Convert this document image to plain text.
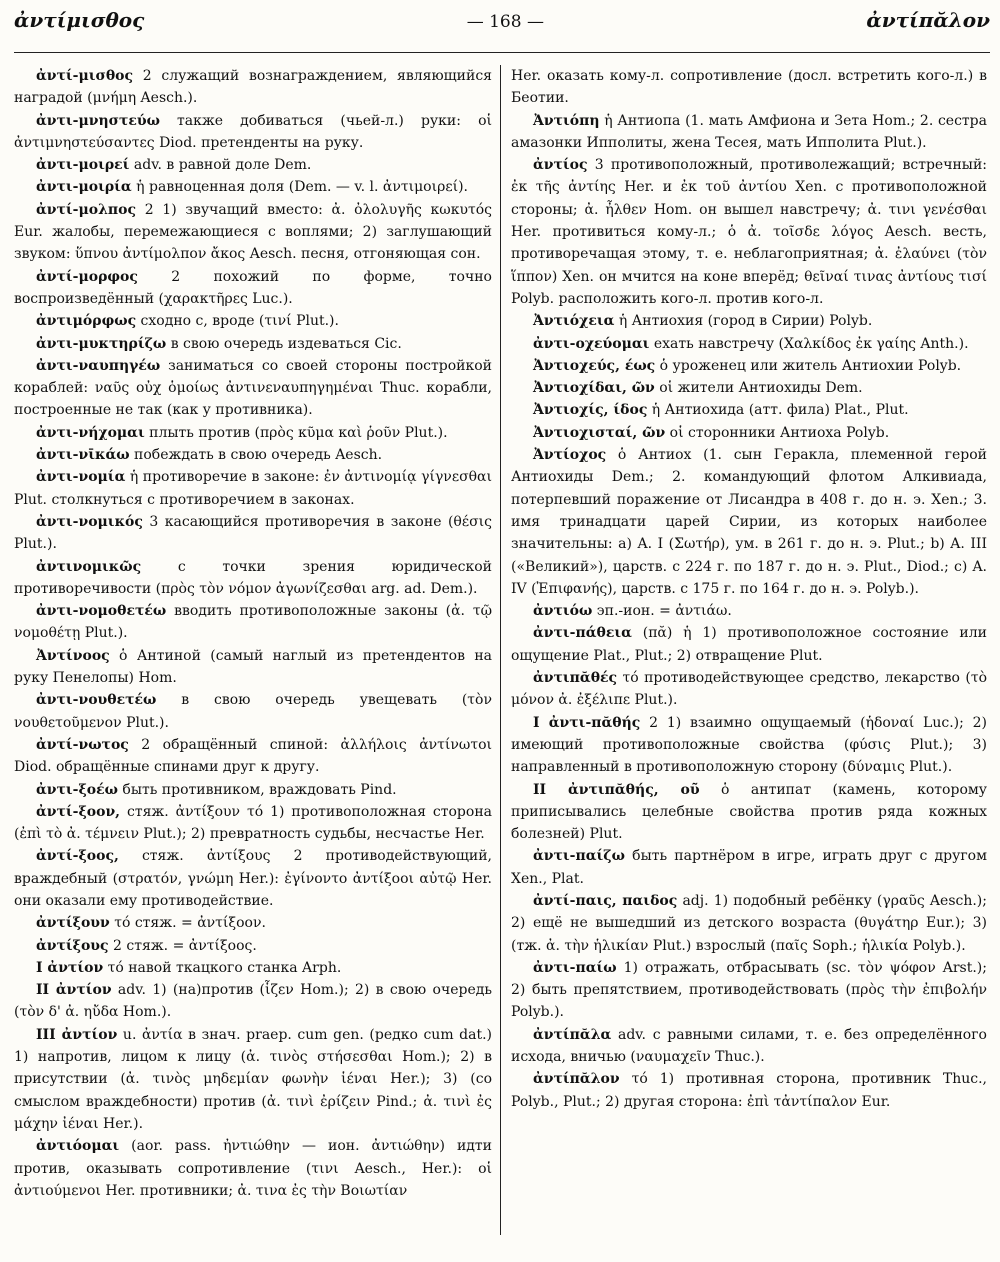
ἀντίμισθος	— 168 —	ἀντίπᾰλον

ἀντί-μισθος 2 служащий вознаграждением, являющийся наградой (μνήμη Aesch.).

ἀντι-μνηστεύω также добиваться (чьей-л.) руки: οἱ ἀντιμνηστεύσαντες Diod. претенденты на руку.

ἀντι-μοιρεί adv. в равной доле Dem.

ἀντι-μοιρία ἡ равноценная доля (Dem. — v. l. ἀντιμοιρεί).

ἀντί-μολπος 2 1) звучащий вместо: ἀ. ὀλολυγῆς κωκυτός Eur. жалобы, перемежающиеся с воплями; 2) заглушающий звуком: ὕπνου ἀντίμολπον ἄκος Aesch. песня, отгоняющая сон.

ἀντί-μορφος 2 похожий по форме, точно воспроизведённый (χαρακτῆρες Luc.).

ἀντιμόρφως сходно с, вроде (τινί Plut.).

ἀντι-μυκτηρίζω в свою очередь издеваться Cic.

ἀντι-ναυπηγέω заниматься со своей стороны постройкой кораблей: ναῦς οὐχ ὁμοίως ἀντινεναυπηγημέναι Thuc. корабли, построенные не так (как у противника).

ἀντι-νήχομαι плыть против (πρὸς κῦμα καὶ ῥοῦν Plut.).

ἀντι-νῑκάω побеждать в свою очередь Aesch.

ἀντι-νομία ἡ противоречие в законе: ἐν ἀντινομίᾳ γίγνεσθαι Plut. столкнуться с противоречием в законах.

ἀντι-νομικός 3 касающийся противоречия в законе (θέσις Plut.).

ἀντινομικῶς с точки зрения юридической противоречивости (πρὸς τὸν νόμον ἀγωνίζεσθαι arg. ad. Dem.).

ἀντι-νομοθετέω вводить противоположные законы (ἀ. τῷ νομοθέτῃ Plut.).

Ἀντίνοος ὁ Антиной (самый наглый из претендентов на руку Пенелопы) Hom.

ἀντι-νουθετέω в свою очередь увещевать (τὸν νουθετοῦμενον Plut.).

ἀντί-νωτος 2 обращённый спиной: ἀλλήλοις ἀντίνωτοι Diod. обращённые спинами друг к другу.

ἀντι-ξοέω быть противником, враждовать Pind.

ἀντί-ξοον, стяж. ἀντίξουν τό 1) противоположная сторона (ἐπὶ τὸ ἀ. τέμνειν Plut.); 2) превратность судьбы, несчастье Her.

ἀντί-ξοος, стяж. ἀντίξους 2 противодействующий, враждебный (στρατόν, γνώμη Her.): ἐγίνοντο ἀντίξοοι αὐτῷ Her. они оказали ему противодействие.

ἀντίξουν τό стяж. = ἀντίξοον.

ἀντίξους 2 стяж. = ἀντίξοος.

I ἀντίον τό навой ткацкого станка Arph.

II ἀντίον adv. 1) (на)против (ἷζεν Hom.); 2) в свою очередь (τὸν δ' ἀ. ηὔδα Hom.).

III ἀντίον u. ἀντία в знач. praep. cum gen. (редко cum dat.) 1) напротив, лицом к лицу (ἀ. τινὸς στήσεσθαι Hom.); 2) в присутствии (ἀ. τινὸς μηδεμίαν φωνὴν ἱέναι Her.); 3) (со смыслом враждебности) против (ἀ. τινὶ ἐρίζειν Pind.; ἀ. τινὶ ἐς μάχην ἰέναι Her.).

ἀντιόομαι (aor. pass. ἠντιώθην — ион. ἀντιώθην) идти против, оказывать сопротивление (τινι Aesch., Her.): οἱ ἀντιούμενοι Her. противники; ἀ. τινα ἐς τὴν Βοιωτίαν

Her. оказать кому-л. сопротивление (досл. встретить кого-л.) в Беотии.

Ἀντιόπη ἡ Антиопа (1. мать Амфиона и Зета Hom.; 2. сестра амазонки Ипполиты, жена Тесея, мать Ипполита Plut.).

ἀντίος 3 противоположный, противолежащий; встречный: ἐκ τῆς ἀντίης Her. и ἐκ τοῦ ἀντίου Xen. с противоположной стороны; ἀ. ἦλθεν Hom. он вышел навстречу; ἀ. τινι γενέσθαι Her. противиться кому-л.; ὁ ἀ. τοῖσδε λόγος Aesch. весть, противоречащая этому, т. е. неблагоприятная; ἀ. ἐλαύνει (τὸν ἵππον) Xen. он мчится на коне вперёд; θεῖναί τινας ἀντίους τισί Polyb. расположить кого-л. против кого-л.

Ἀντιόχεια ἡ Антиохия (город в Сирии) Polyb.

ἀντι-οχεύομαι ехать навстречу (Χαλκίδος ἐκ γαίης Anth.).

Ἀντιοχεύς, έως ὁ уроженец или житель Антиохии Polyb.

Ἀντιοχίδαι, ῶν οἱ жители Антиохиды Dem.

Ἀντιοχίς, ίδος ἡ Антиохида (атт. фила) Plat., Plut.

Ἀντιοχισταί, ῶν οἱ сторонники Антиоха Polyb.

Ἀντίοχος ὁ Антиох (1. сын Геракла, племенной герой Антиохиды Dem.; 2. командующий флотом Алкивиада, потерпевший поражение от Лисандра в 408 г. до н. э. Xen.; 3. имя тринадцати царей Сирии, из которых наиболее значительны: a) A. I (Σωτήρ), ум. в 261 г. до н. э. Plut.; b) A. III («Великий»), царств. с 224 г. по 187 г. до н. э. Plut., Diod.; c) A. IV (Ἐπιφανής), царств. с 175 г. по 164 г. до н. э. Polyb.).

ἀντιόω эп.-ион. = ἀντιάω.

ἀντι-πάθεια (πᾰ) ἡ 1) противоположное состояние или ощущение Plat., Plut.; 2) отвращение Plut.

ἀντιπᾰθές τό противодействующее средство, лекарство (τὸ μόνον ἀ. ἐξέλιπε Plut.).

I ἀντι-πᾰθής 2 1) взаимно ощущаемый (ἡδοναί Luc.); 2) имеющий противоположные свойства (φύσις Plut.); 3) направленный в противоположную сторону (δύναμις Plut.).

II ἀντιπᾰθής, οῦ ὁ антипат (камень, которому приписывались целебные свойства против ряда кожных болезней) Plut.

ἀντι-παίζω быть партнёром в игре, играть друг с другом Xen., Plat.

ἀντί-παις, παιδος adj. 1) подобный ребёнку (γραῦς Aesch.); 2) ещё не вышедший из детского возраста (θυγάτηρ Eur.); 3) (тж. ἀ. τὴν ἡλικίαν Plut.) взрослый (παῖς Soph.; ἡλικία Polyb.).

ἀντι-παίω 1) отражать, отбрасывать (sc. τὸν ψόφον Arst.); 2) быть препятствием, противодействовать (πρὸς τὴν ἐπιβολήν Polyb.).

ἀντίπᾰλα adv. с равными силами, т. е. без определённого исхода, вничью (ναυμαχεῖν Thuc.).

ἀντίπᾰλον τό 1) противная сторона, противник Thuc., Polyb., Plut.; 2) другая сторона: ἐπὶ τἀντίπαλον Eur.
